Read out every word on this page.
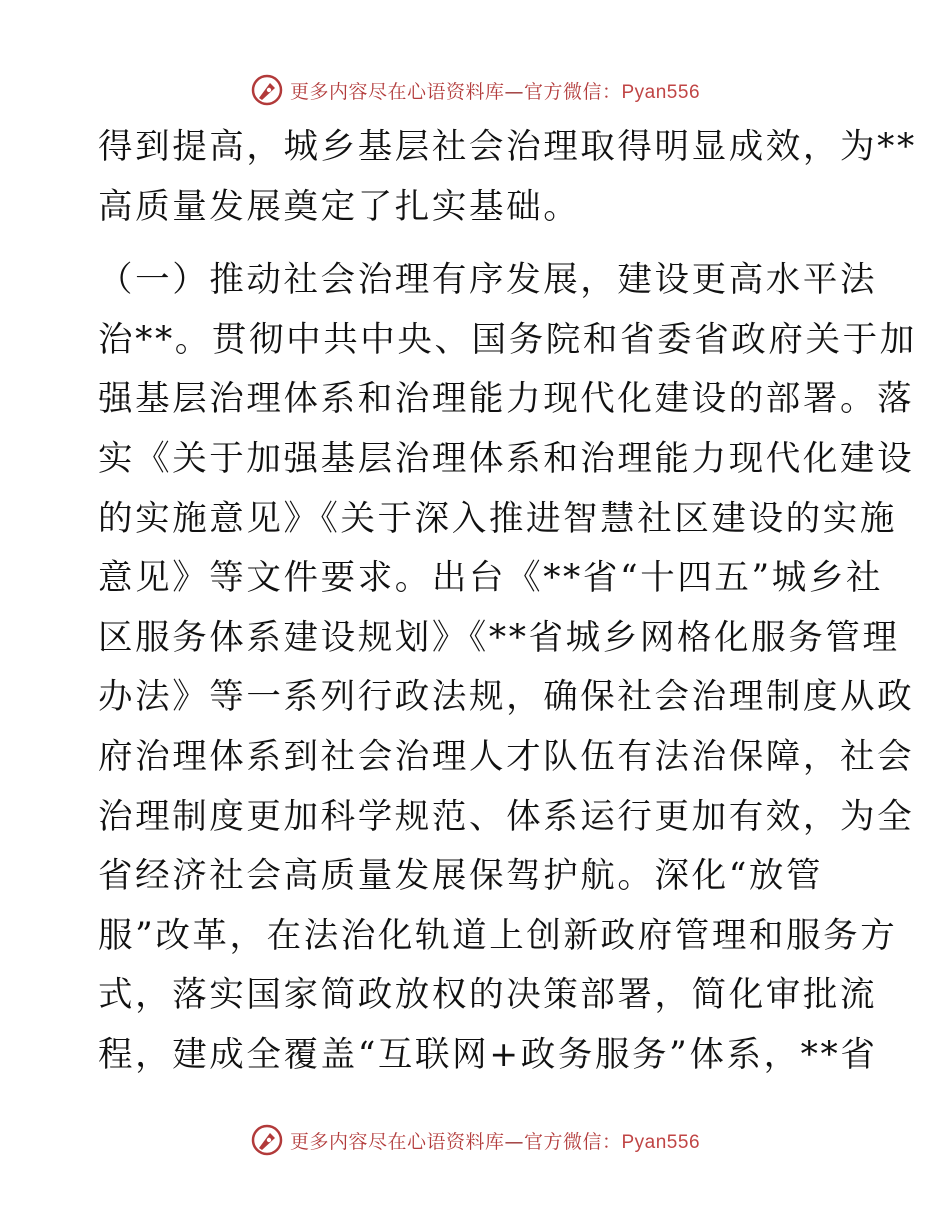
更多内容尽在心语资料库—官方微信：Pyan556
得到提高，城乡基层社会治理取得明显成效，为**
高质量发展奠定了扎实基础。
（一）推动社会治理有序发展，建设更高水平法
治**。贯彻中共中央、国务院和省委省政府关于加
强基层治理体系和治理能力现代化建设的部署。落
实《关于加强基层治理体系和治理能力现代化建设
的实施意见》《关于深入推进智慧社区建设的实施
意见》等文件要求。出台《**省“十四五”城乡社
区服务体系建设规划》《**省城乡网格化服务管理
办法》等一系列行政法规，确保社会治理制度从政
府治理体系到社会治理人才队伍有法治保障，社会
治理制度更加科学规范、体系运行更加有效，为全
省经济社会高质量发展保驾护航。深化“放管
服”改革，在法治化轨道上创新政府管理和服务方
式，落实国家简政放权的决策部署，简化审批流
程，建成全覆盖“互联网+政务服务”体系，**省
更多内容尽在心语资料库—官方微信：Pyan556
